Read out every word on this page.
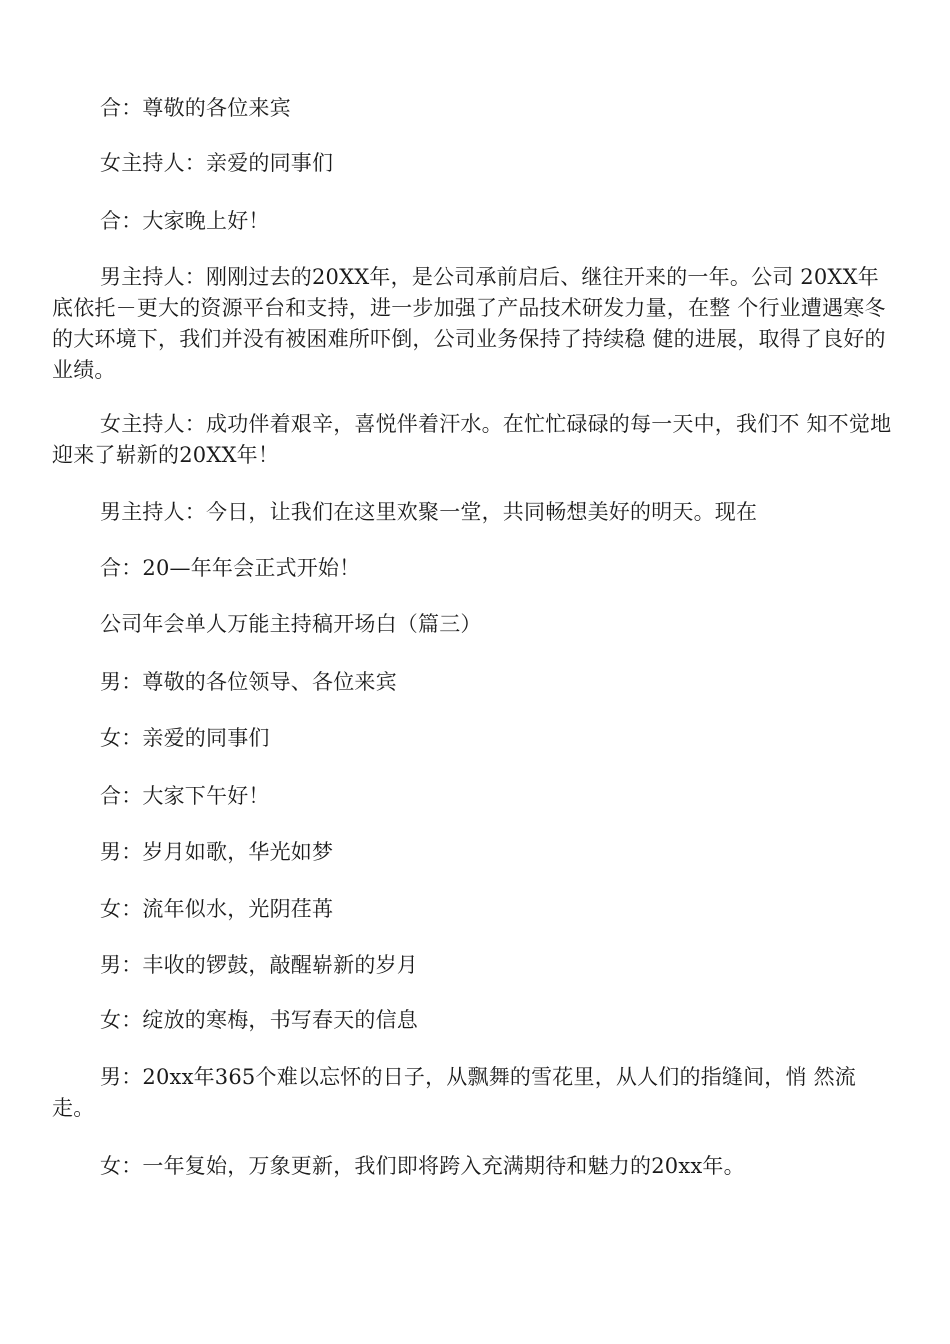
合：尊敬的各位来宾

女主持人：亲爱的同事们

合：大家晚上好！

男主持人：刚刚过去的20XX年，是公司承前启后、继往开来的一年。公司 20XX年底依托－更大的资源平台和支持，进一步加强了产品技术研发力量，在整 个行业遭遇寒冬的大环境下，我们并没有被困难所吓倒，公司业务保持了持续稳 健的进展，取得了良好的业绩。

女主持人：成功伴着艰辛，喜悦伴着汗水。在忙忙碌碌的每一天中，我们不 知不觉地迎来了崭新的20XX年！

男主持人：今日，让我们在这里欢聚一堂，共同畅想美好的明天。现在

合：20—年年会正式开始！

公司年会单人万能主持稿开场白（篇三）

男：尊敬的各位领导、各位来宾

女：亲爱的同事们

合：大家下午好！

男：岁月如歌，华光如梦

女：流年似水，光阴荏苒

男：丰收的锣鼓，敲醒崭新的岁月

女：绽放的寒梅，书写春天的信息

男：20xx年365个难以忘怀的日子，从飘舞的雪花里，从人们的指缝间，悄 然流走。

女：一年复始，万象更新，我们即将跨入充满期待和魅力的20xx年。
